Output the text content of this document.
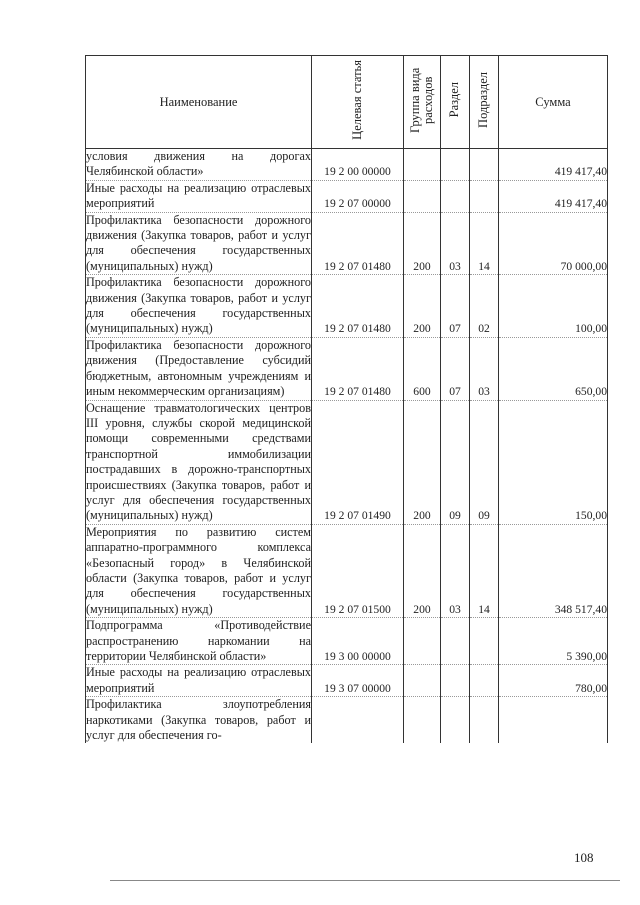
Наименование	Целевая статья	Группа вида расходов	Раздел	Подраздел	Сумма
условия движения на дорогах Челябинской области»	19 2 00 00000				419 417,40
Иные расходы на реализацию отраслевых мероприятий	19 2 07 00000				419 417,40
Профилактика безопасности дорожного движения (Закупка товаров, работ и услуг для обеспечения государственных (муниципальных) нужд)	19 2 07 01480	200	03	14	70 000,00
Профилактика безопасности дорожного движения (Закупка товаров, работ и услуг для обеспечения государственных (муниципальных) нужд)	19 2 07 01480	200	07	02	100,00
Профилактика безопасности дорожного движения (Предоставление субсидий бюджетным, автономным учреждениям и иным некоммерческим организациям)	19 2 07 01480	600	07	03	650,00
Оснащение травматологических центров III уровня, службы скорой медицинской помощи современными средствами транспортной иммобилизации пострадавших в дорожно-транспортных происшествиях (Закупка товаров, работ и услуг для обеспечения государственных (муниципальных) нужд)	19 2 07 01490	200	09	09	150,00
Мероприятия по развитию систем аппаратно-программного комплекса «Безопасный город» в Челябинской области (Закупка товаров, работ и услуг для обеспечения государственных (муниципальных) нужд)	19 2 07 01500	200	03	14	348 517,40
Подпрограмма «Противодействие распространению наркомании на территории Челябинской области»	19 3 00 00000				5 390,00
Иные расходы на реализацию отраслевых мероприятий	19 3 07 00000				780,00
Профилактика злоупотребления наркотиками (Закупка товаров, работ и услуг для обеспечения го-					
108
